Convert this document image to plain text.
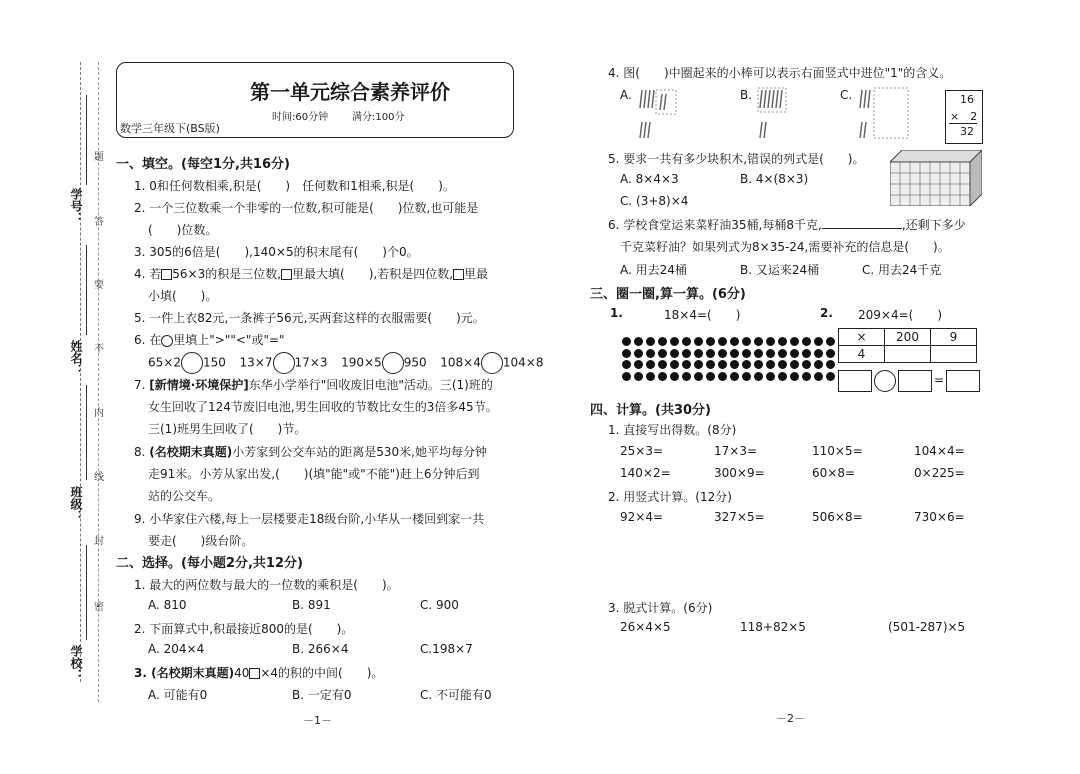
学号：
姓名：
班级：
学校：
题
答
要
不
内
线
封
密
第一单元综合素养评价
时间:60分钟 满分:100分
数学三年级下(BS版)
一、填空。(每空1分,共16分)
1. 0和任何数相乘,积是(　　)　任何数和1相乘,积是(　　)。
2. 一个三位数乘一个非零的一位数,积可能是(　　)位数,也可能是
(　　)位数。
3. 305的6倍是(　　),140×5的积末尾有(　　)个0。
4. 若 56×3的积是三位数, 里最大填(　　),若积是四位数, 里最
小填(　　)。
5. 一件上衣82元,一条裤子56元,买两套这样的衣服需要(　　)元。
6. 在 里填上">""<"或"="
65×2 150 13×7 17×3 190×5 950 108×4 104×8
7. [新情境·环境保护]东华小学举行"回收废旧电池"活动。三(1)班的
女生回收了124节废旧电池,男生回收的节数比女生的3倍多45节。
三(1)班男生回收了(　　)节。
8. (名校期末真题)小芳家到公交车站的距离是530米,她平均每分钟
走91米。小芳从家出发,(　　)(填"能"或"不能")赶上6分钟后到
站的公交车。
9. 小华家住六楼,每上一层楼要走18级台阶,小华从一楼回到家一共
要走(　　)级台阶。
二、选择。(每小题2分,共12分)
1. 最大的两位数与最大的一位数的乘积是(　　)。
A. 810	B. 891	C. 900
2. 下面算式中,积最接近800的是(　　)。
A. 204×4	B. 266×4	C.198×7
3. (名校期末真题)40 ×4的积的中间(　　)。
A. 可能有0	B. 一定有0	C. 不可能有0
－1－
4. 图(　　)中圈起来的小棒可以表示右面竖式中进位"1"的含义。
A.	B.	C.	16
×　2
32
5. 要求一共有多少块积木,错误的列式是(　　)。
A. 8×4×3	B. 4×(8×3)
C. (3+8)×4
6. 学校食堂运来菜籽油35桶,每桶8千克,	,还剩下多少
千克菜籽油？如果列式为8×35-24,需要补充的信息是(　　)。
A. 用去24桶	B. 又运来24桶	C. 用去24千克
三、圈一圈,算一算。(6分)
1.	18×4=(　　)	2. 209×4=(　　)
×	200	9
4		
=
四、计算。(共30分)
1. 直接写出得数。(8分)
25×3=	17×3=	110×5=	104×4=
140×2=	300×9=	60×8=	0×225=
2. 用竖式计算。(12分)
92×4=	327×5=	506×8=	730×6=
3. 脱式计算。(6分)
26×4×5	118+82×5	(501-287)×5
－2－
